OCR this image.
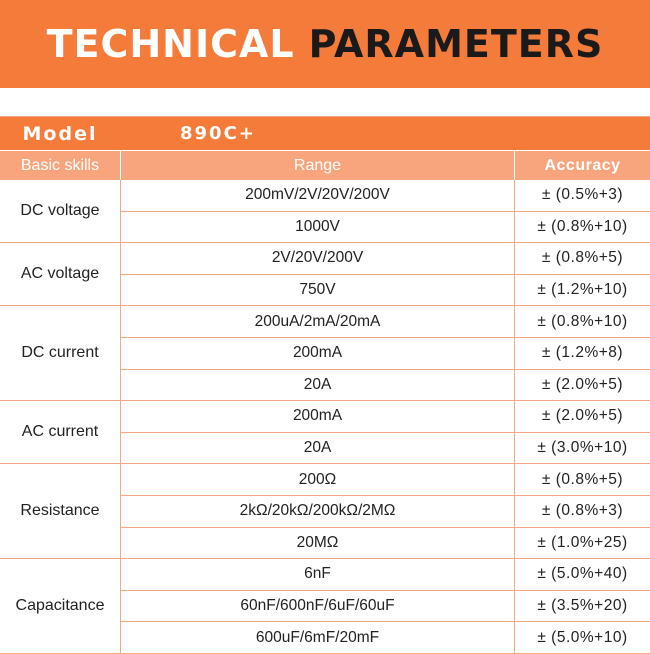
TECHNICAL PARAMETERS
Model	890C+
Basic skills	Range	Accuracy
DC voltage
200mV/2V/20V/200V	± (0.5%+3)
1000V	± (0.8%+10)
AC voltage
2V/20V/200V	± (0.8%+5)
750V	± (1.2%+10)
DC current
200uA/2mA/20mA	± (0.8%+10)
200mA	± (1.2%+8)
20A	± (2.0%+5)
AC current
200mA	± (2.0%+5)
20A	± (3.0%+10)
Resistance
200Ω	± (0.8%+5)
2kΩ/20kΩ/200kΩ/2MΩ	± (0.8%+3)
20MΩ	± (1.0%+25)
Capacitance
6nF	± (5.0%+40)
60nF/600nF/6uF/60uF	± (3.5%+20)
600uF/6mF/20mF	± (5.0%+10)
